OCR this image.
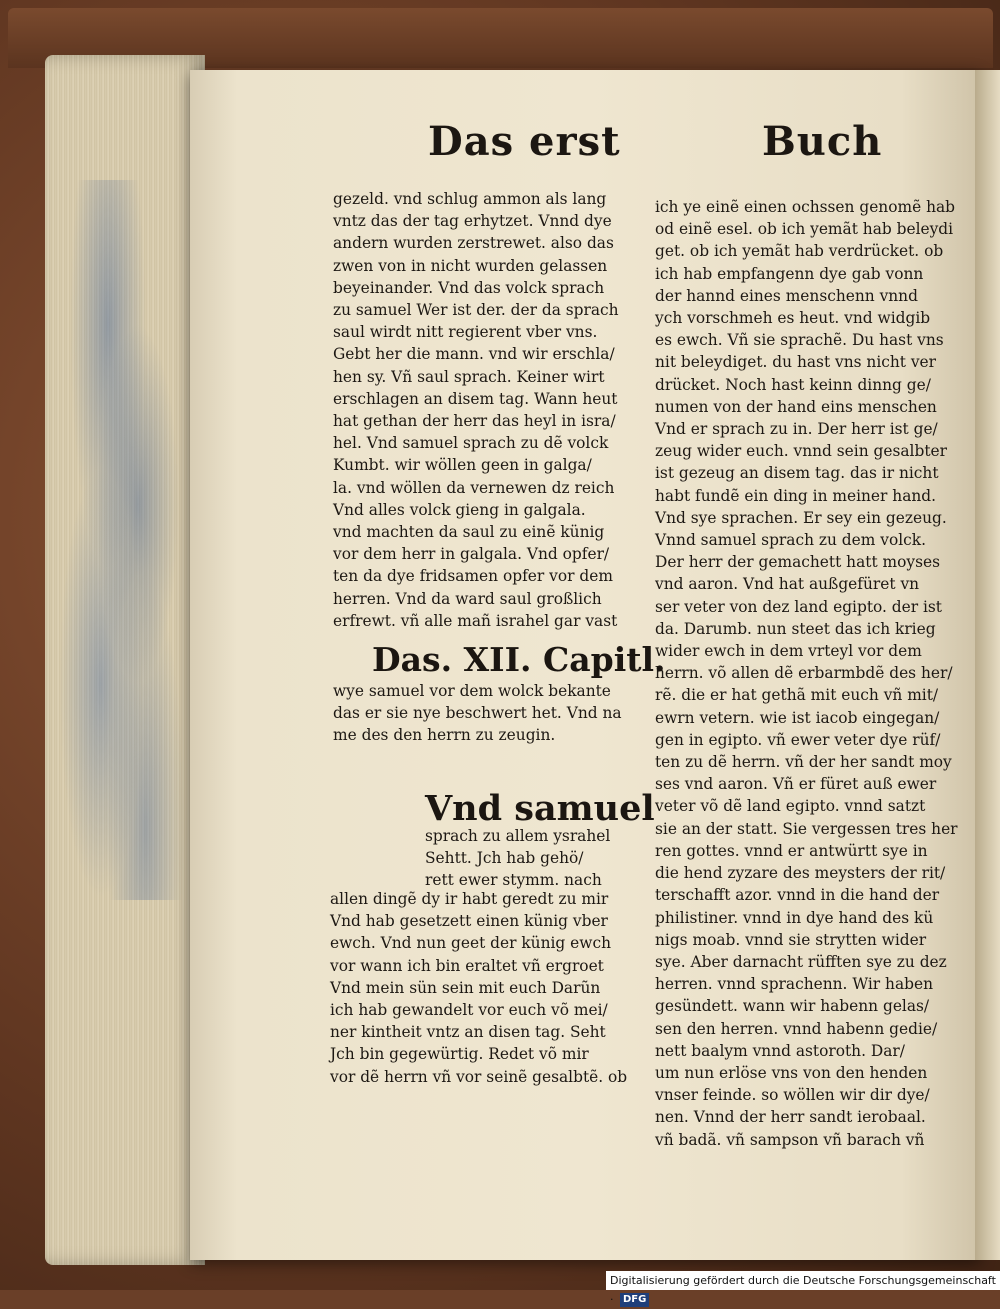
Das erst	Buch
gezeld. vnd schlug ammon als lang
vntz das der tag erhytzet. Vnnd dye
andern wurden zerstrewet. also das
zwen von in nicht wurden gelassen
beyeinander. Vnd das volck sprach
zu samuel Wer ist der. der da sprach
saul wirdt nitt regierent vber vns.
Gebt her die mann. vnd wir erschla/
hen sy. Vñ saul sprach. Keiner wirt
erschlagen an disem tag. Wann heut
hat gethan der herr das heyl in isra/
hel. Vnd samuel sprach zu dẽ volck
Kumbt. wir wöllen geen in galga/
la. vnd wöllen da vernewen dz reich
Vnd alles volck gieng in galgala.
vnd machten da saul zu einẽ künig
vor dem herr in galgala. Vnd opfer/
ten da dye fridsamen opfer vor dem
herren. Vnd da ward saul großlich
erfrewt. vñ alle mañ israhel gar vast
Das. XII. Capitl.
wye samuel vor dem wolck bekante
das er sie nye beschwert het. Vnd na
me des den herrn zu zeugin.
Vnd samuel
sprach zu allem ysrahel
Sehtt. Jch hab gehö/
rett ewer stymm. nach
allen dingẽ dy ir habt geredt zu mir
Vnd hab gesetzett einen künig vber
ewch. Vnd nun geet der künig ewch
vor wann ich bin eraltet vñ ergroet
Vnd mein sün sein mit euch Darũn
ich hab gewandelt vor euch võ mei/
ner kintheit vntz an disen tag. Seht
Jch bin gegewürtig. Redet võ mir
vor dẽ herrn vñ vor seinẽ gesalbtẽ. ob
ich ye einẽ einen ochssen genomẽ hab
od einẽ esel. ob ich yemãt hab beleydi
get. ob ich yemãt hab verdrücket. ob
ich hab empfangenn dye gab vonn
der hannd eines menschenn vnnd
ych vorschmeh es heut. vnd widgib
es ewch. Vñ sie sprachẽ. Du hast vns
nit beleydiget. du hast vns nicht ver
drücket. Noch hast keinn dinng ge/
numen von der hand eins menschen
Vnd er sprach zu in. Der herr ist ge/
zeug wider euch. vnnd sein gesalbter
ist gezeug an disem tag. das ir nicht
habt fundẽ ein ding in meiner hand.
Vnd sye sprachen. Er sey ein gezeug.
Vnnd samuel sprach zu dem volck.
Der herr der gemachett hatt moyses
vnd aaron. Vnd hat außgefüret vn
ser veter von dez land egipto. der ist
da. Darumb. nun steet das ich krieg
wider ewch in dem vrteyl vor dem
herrn. võ allen dẽ erbarmbdẽ des her/
rẽ. die er hat gethã mit euch vñ mit/
ewrn vetern. wie ist iacob eingegan/
gen in egipto. vñ ewer veter dye rüf/
ten zu dẽ herrn. vñ der her sandt moy
ses vnd aaron. Vñ er füret auß ewer
veter võ dẽ land egipto. vnnd satzt
sie an der statt. Sie vergessen tres her
ren gottes. vnnd er antwürtt sye in
die hend zyzare des meysters der rit/
terschafft azor. vnnd in die hand der
philistiner. vnnd in dye hand des kü
nigs moab. vnnd sie strytten wider
sye. Aber darnacht rüfften sye zu dez
herren. vnnd sprachenn. Wir haben
gesündett. wann wir habenn gelas/
sen den herren. vnnd habenn gedie/
nett baalym vnnd astoroth. Dar/
um nun erlöse vns von den henden
vnser feinde. so wöllen wir dir dye/
nen. Vnnd der herr sandt ierobaal.
vñ badã. vñ sampson vñ barach vñ
Digitalisierung gefördert durch die Deutsche Forschungsgemeinschaft · DFG
